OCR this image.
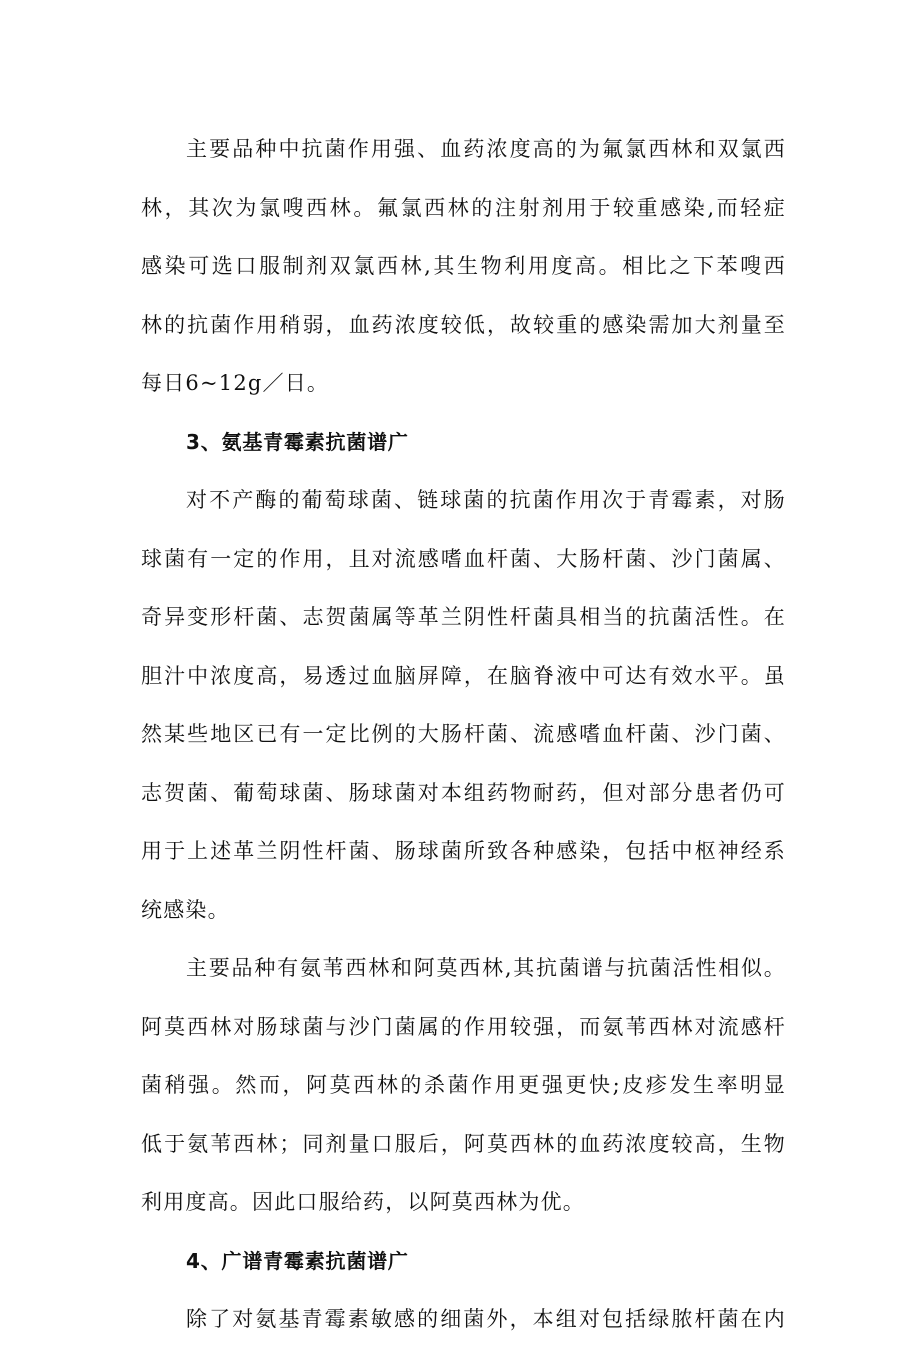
主要品种中抗菌作用强、血药浓度高的为氟氯西林和双氯西
林，其次为氯嗖西林。氟氯西林的注射剂用于较重感染,而轻症
感染可选口服制剂双氯西林,其生物利用度高。相比之下苯嗖西
林的抗菌作用稍弱，血药浓度较低，故较重的感染需加大剂量至
每日6~12g／日。
3、氨基青霉素抗菌谱广
对不产酶的葡萄球菌、链球菌的抗菌作用次于青霉素，对肠
球菌有一定的作用，且对流感嗜血杆菌、大肠杆菌、沙门菌属、
奇异变形杆菌、志贺菌属等革兰阴性杆菌具相当的抗菌活性。在
胆汁中浓度高，易透过血脑屏障，在脑脊液中可达有效水平。虽
然某些地区已有一定比例的大肠杆菌、流感嗜血杆菌、沙门菌、
志贺菌、葡萄球菌、肠球菌对本组药物耐药，但对部分患者仍可
用于上述革兰阴性杆菌、肠球菌所致各种感染，包括中枢神经系
统感染。
主要品种有氨苇西林和阿莫西林,其抗菌谱与抗菌活性相似。
阿莫西林对肠球菌与沙门菌属的作用较强，而氨苇西林对流感杆
菌稍强。然而，阿莫西林的杀菌作用更强更快;皮疹发生率明显
低于氨苇西林；同剂量口服后，阿莫西林的血药浓度较高，生物
利用度高。因此口服给药，以阿莫西林为优。
4、广谱青霉素抗菌谱广
除了对氨基青霉素敏感的细菌外，本组对包括绿脓杆菌在内
